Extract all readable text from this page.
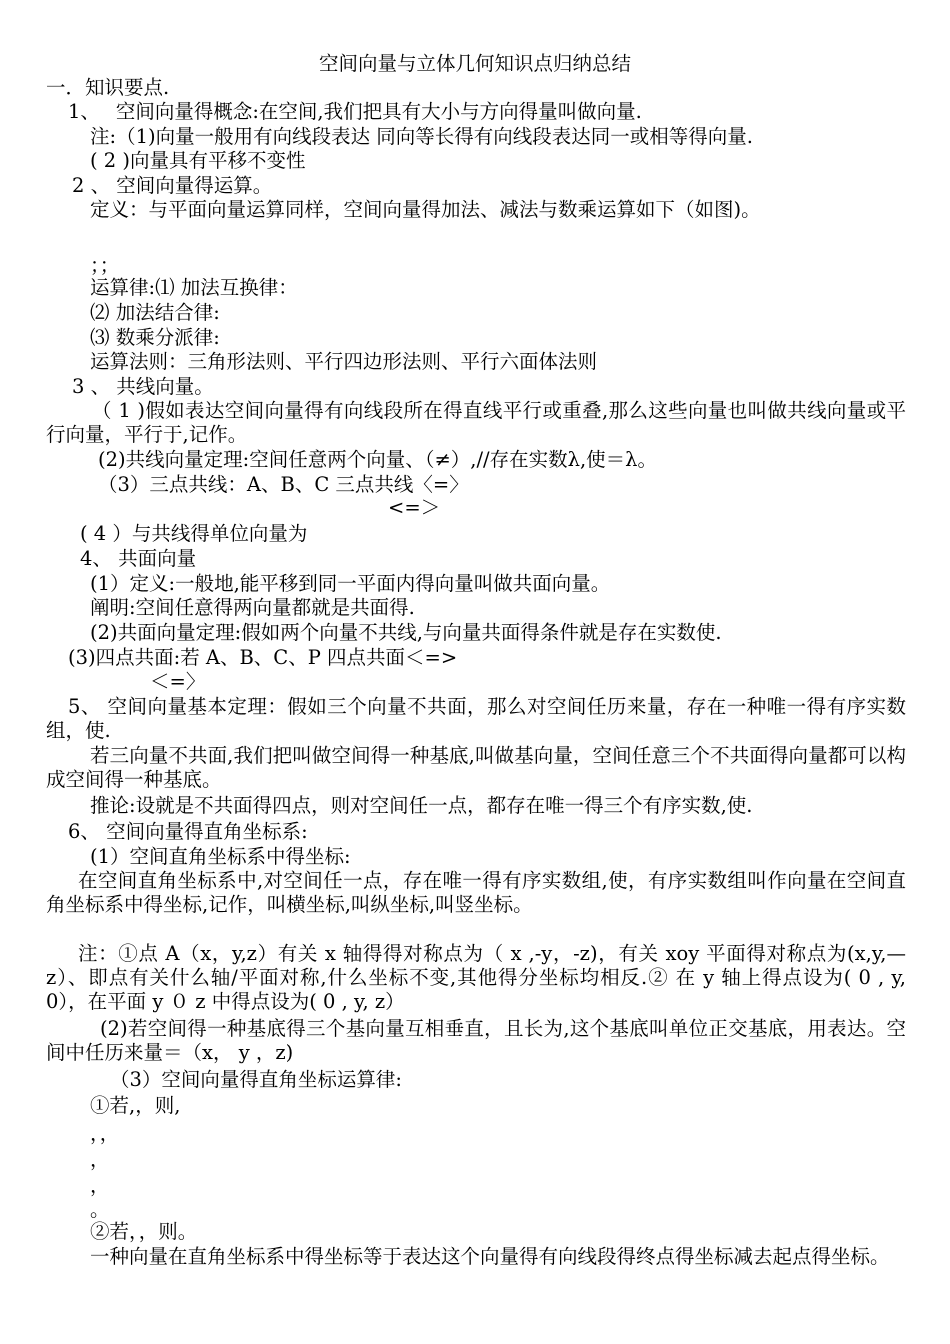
空间向量与立体几何知识点归纳总结
一．知识要点.
1、　 空间向量得概念:在空间,我们把具有大小与方向得量叫做向量.
注:（1)向量一般用有向线段表达 同向等长得有向线段表达同一或相等得向量.
( 2 )向量具有平移不变性
2 、 空间向量得运算。
定义：与平面向量运算同样，空间向量得加法、减法与数乘运算如下（如图)。
；；
运算律:⑴ 加法互换律：
⑵ 加法结合律:
⑶ 数乘分派律:
运算法则：三角形法则、平行四边形法则、平行六面体法则
3 、 共线向量。
（ 1 )假如表达空间向量得有向线段所在得直线平行或重叠,那么这些向量也叫做共线向量或平行向量，平行于,记作。
(2)共线向量定理:空间任意两个向量、（≠）,//存在实数λ,使＝λ。
（3）三点共线：A、B、C 三点共线〈=〉
<=＞
( 4 ）与共线得单位向量为
4、 共面向量
(1）定义:一般地,能平移到同一平面内得向量叫做共面向量。
阐明:空间任意得两向量都就是共面得.
(2)共面向量定理:假如两个向量不共线,与向量共面得条件就是存在实数使.
(3)四点共面:若 A、B、C、P 四点共面＜=>
＜=〉
5、 空间向量基本定理：假如三个向量不共面，那么对空间任历来量，存在一种唯一得有序实数组，使.
若三向量不共面,我们把叫做空间得一种基底,叫做基向量，空间任意三个不共面得向量都可以构成空间得一种基底。
推论:设就是不共面得四点，则对空间任一点，都存在唯一得三个有序实数,使.
6、 空间向量得直角坐标系:
(1）空间直角坐标系中得坐标:
在空间直角坐标系中,对空间任一点，存在唯一得有序实数组,使，有序实数组叫作向量在空间直角坐标系中得坐标,记作，叫横坐标,叫纵坐标,叫竖坐标。
注：①点 A（x，y,z）有关 x 轴得得对称点为（ x ,-y，-z)，有关 xoy 平面得对称点为(x,y,—z）、即点有关什么轴/平面对称,什么坐标不变,其他得分坐标均相反.② 在 y 轴上得点设为( 0 , y, 0），在平面 y ０ z 中得点设为( 0 , y, z）
(2)若空间得一种基底得三个基向量互相垂直，且长为,这个基底叫单位正交基底，用表达。空间中任历来量＝（x， y ，z)
（3）空间向量得直角坐标运算律:
①若,，则,
，，
，
，
。
②若，，则。
一种向量在直角坐标系中得坐标等于表达这个向量得有向线段得终点得坐标减去起点得坐标。
